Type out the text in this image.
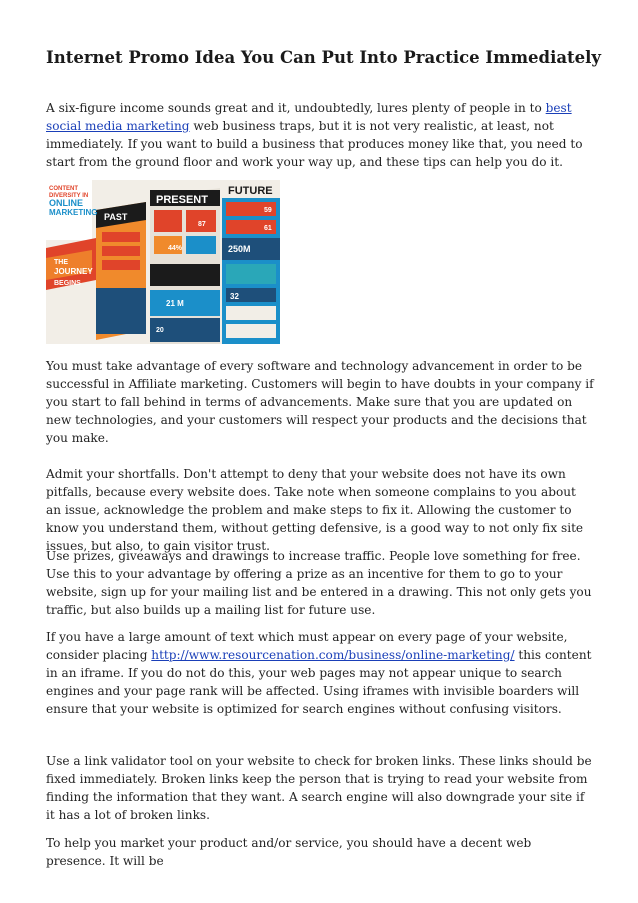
Internet Promo Idea You Can Put Into Practice Immediately

A six-figure income sounds great and it, undoubtedly, lures plenty of people in to best social media marketing web business traps, but it is not very realistic, at least, not immediately. If you want to build a business that produces money like that, you need to start from the ground floor and work your way up, and these tips can help you do it.

CONTENT
DIVERSITY IN
ONLINE
MARKETING PAST
PRESENT
FUTURE
THE
JOURNEY
BEGINS
44%
87
250M
21 M
32
59
61
20

You must take advantage of every software and technology advancement in order to be successful in Affiliate marketing. Customers will begin to have doubts in your company if you start to fall behind in terms of advancements. Make sure that you are updated on new technologies, and your customers will respect your products and the decisions that you make.

Admit your shortfalls. Don't attempt to deny that your website does not have its own pitfalls, because every website does. Take note when someone complains to you about an issue, acknowledge the problem and make steps to fix it. Allowing the customer to know you understand them, without getting defensive, is a good way to not only fix site issues, but also, to gain visitor trust.

Use prizes, giveaways and drawings to increase traffic. People love something for free. Use this to your advantage by offering a prize as an incentive for them to go to your website, sign up for your mailing list and be entered in a drawing. This not only gets you traffic, but also builds up a mailing list for future use.

If you have a large amount of text which must appear on every page of your website, consider placing http://www.resourcenation.com/business/online-marketing/ this content in an iframe. If you do not do this, your web pages may not appear unique to search engines and your page rank will be affected. Using iframes with invisible boarders will ensure that your website is optimized for search engines without confusing visitors.

Use a link validator tool on your website to check for broken links. These links should be fixed immediately. Broken links keep the person that is trying to read your website from finding the information that they want. A search engine will also downgrade your site if it has a lot of broken links.

To help you market your product and/or service, you should have a decent web presence. It will be
